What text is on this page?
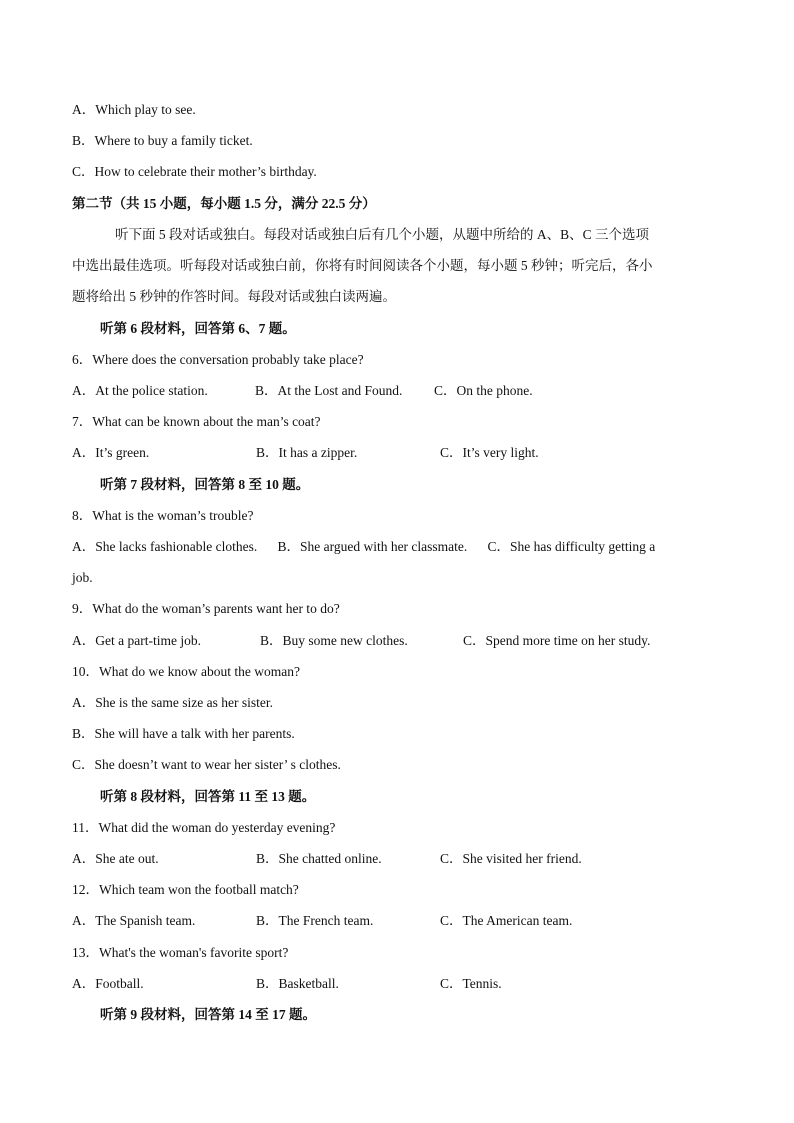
A．Which play to see.
B．Where to buy a family ticket.
C．How to celebrate their mother’s birthday.
第二节（共 15 小题，每小题 1.5 分，满分 22.5 分）
听下面 5 段对话或独白。每段对话或独白后有几个小题，从题中所给的 A、B、C 三个选项
中选出最佳选项。听每段对话或独白前，你将有时间阅读各个小题，每小题 5 秒钟；听完后，各小
题将给出 5 秒钟的作答时间。每段对话或独白读两遍。
听第 6 段材料，回答第 6、7 题。
6．Where does the conversation probably take place?
A．At the police station.	B．At the Lost and Found. C．On the phone.
7．What can be known about the man’s coat?
A．It’s green.	B．It has a zipper.	C．It’s very light.
听第 7 段材料，回答第 8 至 10 题。
8．What is the woman’s trouble?
A．She lacks fashionable clothes.      B．She argued with her classmate.      C．She has difficulty getting a
job.
9．What do the woman’s parents want her to do?
A．Get a part-time job.	B．Buy some new clothes.	C．Spend more time on her study.
10．What do we know about the woman?
A．She is the same size as her sister.
B．She will have a talk with her parents.
C．She doesn’t want to wear her sister’ s clothes.
听第 8 段材料，回答第 11 至 13 题。
11．What did the woman do yesterday evening?
A．She ate out.	B．She chatted online.	C．She visited her friend.
12．Which team won the football match?
A．The Spanish team.	B．The French team.	C．The American team.
13．What's the woman's favorite sport?
A．Football.	B．Basketball.	C．Tennis.
听第 9 段材料，回答第 14 至 17 题。
